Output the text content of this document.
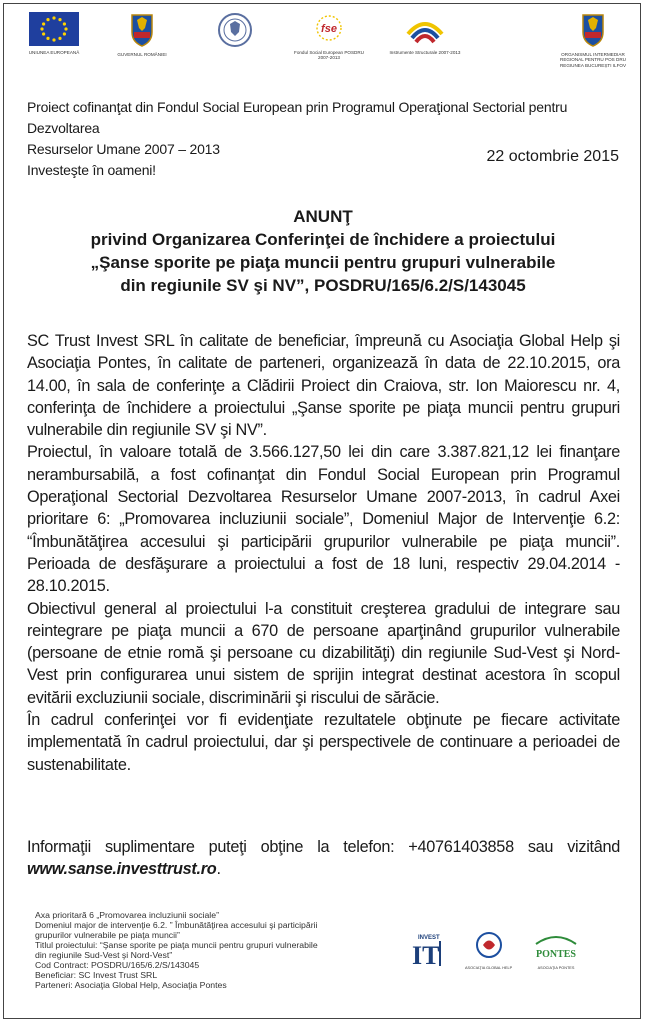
UNIUNEA EUROPEANĂ	GUVERNUL ROMÂNIEI
fse
Fondul Social European POSDRU 2007-2013
Instrumente Structurale 2007-2013	ORGANISMUL INTERMEDIAR REGIONAL PENTRU POS DRU REGIUNEA BUCUREȘTI ILFOV
Proiect cofinanţat din Fondul Social European prin Programul Operaţional Sectorial pentru Dezvoltarea
Resurselor Umane 2007 – 2013
Investeşte în oameni!
22 octombrie 2015
ANUNŢ
privind Organizarea Conferinţei de închidere a proiectului
„Şanse sporite pe piaţa muncii pentru grupuri vulnerabile
din regiunile SV şi NV”, POSDRU/165/6.2/S/143045

SC Trust Invest SRL în calitate de beneficiar, împreună cu Asociaţia Global Help şi Asociaţia Pontes, în calitate de parteneri, organizează în data de 22.10.2015, ora 14.00, în sala de conferinţe a Clădirii Proiect din Craiova, str. Ion Maiorescu nr. 4, conferinţa de închidere a proiectului „Şanse sporite pe piaţa muncii pentru grupuri vulnerabile din regiunile SV şi NV”.

Proiectul, în valoare totală de 3.566.127,50 lei din care 3.387.821,12 lei finanţare nerambursabilă, a fost cofinanţat din Fondul Social European prin Programul Operaţional Sectorial Dezvoltarea Resurselor Umane 2007-2013, în cadrul Axei prioritare 6: „Promovarea incluziunii sociale”, Domeniul Major de Intervenţie 6.2: “Îmbunătăţirea accesului şi participării grupurilor vulnerabile pe piaţa muncii”. Perioada de desfăşurare a proiectului a fost de 18 luni, respectiv 29.04.2014 - 28.10.2015.

Obiectivul general al proiectului l-a constituit creşterea gradului de integrare sau reintegrare pe piaţa muncii a 670 de persoane aparţinând grupurilor vulnerabile (persoane de etnie romă şi persoane cu dizabilităţi) din regiunile Sud-Vest şi Nord-Vest prin configurarea unui sistem de sprijin integrat destinat acestora în scopul evitării excluziunii sociale, discriminării şi riscului de sărăcie.

În cadrul conferinţei vor fi evidenţiate rezultatele obţinute pe fiecare activitate implementată în cadrul proiectului, dar şi perspectivele de continuare a perioadei de sustenabilitate.

Informaţii suplimentare puteţi obţine la telefon: +40761403858 sau vizitând www.sanse.investtrust.ro.

Axa prioritară 6 „Promovarea incluziunii sociale”
Domeniul major de intervenţie 6.2. ” Îmbunătăţirea accesului şi participării
grupurilor vulnerabile pe piaţa muncii”
Titlul proiectului: “Şanse sporite pe piaţa muncii pentru grupuri vulnerabile
din regiunile Sud-Vest şi Nord-Vest”
Cod Contract: POSDRU/165/6.2/S/143045
Beneficiar: SC Invest Trust SRL
Parteneri: Asociaţia Global Help, Asociaţia Pontes
INVEST
IT	ASOCIAŢIA GLOBAL HELP
PONTES
ASOCIAŢIA PONTES
